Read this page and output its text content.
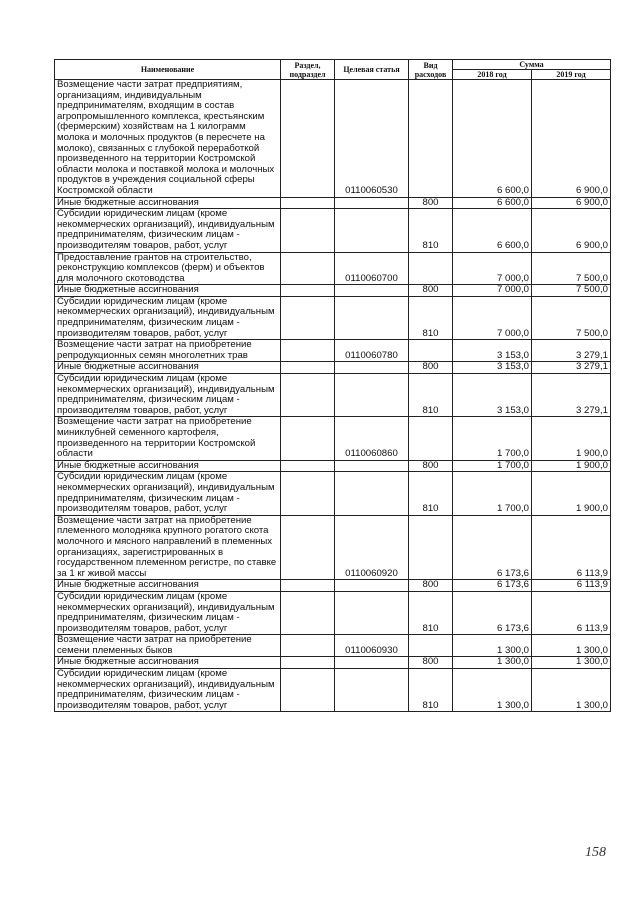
Наименование	Раздел, подраздел	Целевая статья	Вид расходов	Сумма	
				2018 год	2019 год
Возмещение части затрат предприятиям, организациям, индивидуальным предпринимателям, входящим в состав агропромышленного комплекса, крестьянским (фермерским) хозяйствам на 1 килограмм молока и молочных продуктов (в пересчете на молоко), связанных с глубокой переработкой произведенного на территории Костромской области молока и поставкой молока и молочных продуктов в учреждения социальной сферы Костромской области		0110060530		6 600,0	6 900,0
Иные бюджетные ассигнования			800	6 600,0	6 900,0
Субсидии юридическим лицам (кроме некоммерческих организаций), индивидуальным предпринимателям, физическим лицам - производителям товаров, работ, услуг			810	6 600,0	6 900,0
Предоставление грантов на строительство, реконструкцию комплексов (ферм) и объектов для молочного скотоводства		0110060700		7 000,0	7 500,0
Иные бюджетные ассигнования			800	7 000,0	7 500,0
Субсидии юридическим лицам (кроме некоммерческих организаций), индивидуальным предпринимателям, физическим лицам - производителям товаров, работ, услуг			810	7 000,0	7 500,0
Возмещение части затрат на приобретение репродукционных семян многолетних трав		0110060780		3 153,0	3 279,1
Иные бюджетные ассигнования			800	3 153,0	3 279,1
Субсидии юридическим лицам (кроме некоммерческих организаций), индивидуальным предпринимателям, физическим лицам - производителям товаров, работ, услуг			810	3 153,0	3 279,1
Возмещение части затрат на приобретение миниклубней семенного картофеля, произведенного на территории Костромской области		0110060860		1 700,0	1 900,0
Иные бюджетные ассигнования			800	1 700,0	1 900,0
Субсидии юридическим лицам (кроме некоммерческих организаций), индивидуальным предпринимателям, физическим лицам - производителям товаров, работ, услуг			810	1 700,0	1 900,0
Возмещение части затрат на приобретение племенного молодняка крупного рогатого скота молочного и мясного направлений в племенных организациях, зарегистрированных в государственном племенном регистре, по ставке за 1 кг живой массы		0110060920		6 173,6	6 113,9
Иные бюджетные ассигнования			800	6 173,6	6 113,9
Субсидии юридическим лицам (кроме некоммерческих организаций), индивидуальным предпринимателям, физическим лицам - производителям товаров, работ, услуг			810	6 173,6	6 113,9
Возмещение части затрат на приобретение семени племенных быков		0110060930		1 300,0	1 300,0
Иные бюджетные ассигнования			800	1 300,0	1 300,0
Субсидии юридическим лицам (кроме некоммерческих организаций), индивидуальным предпринимателям, физическим лицам - производителям товаров, работ, услуг			810	1 300,0	1 300,0
158
